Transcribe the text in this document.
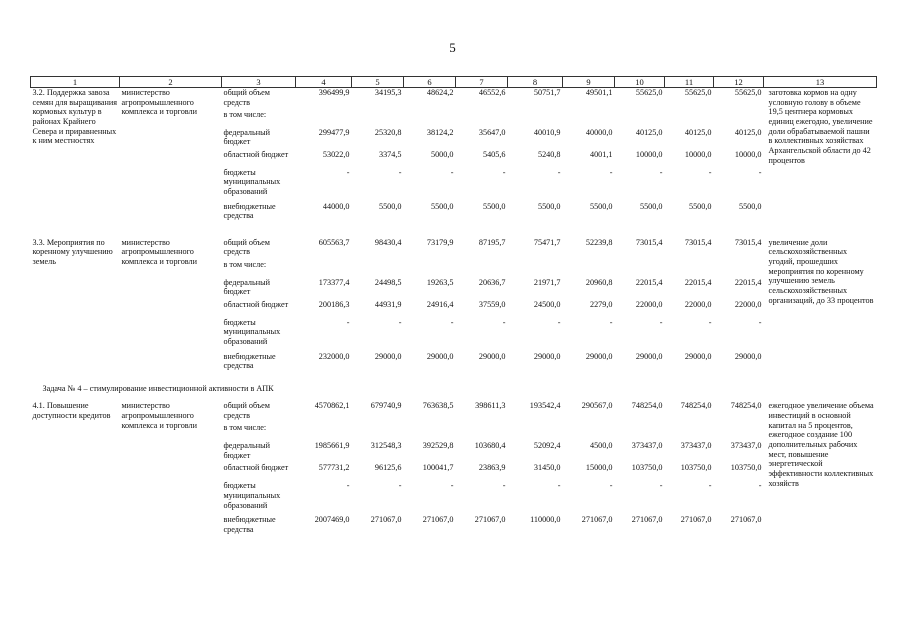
5
1	2	3	4	5	6	7	8	9	10	11	12	13
3.2. Поддержка завоза семян для выращивания кормовых культур в районах Крайнего Севера и приравненных к ним местностях	министерство агропромышленного комплекса и торговли	общий объем средств	396499,9	34195,3	48624,2	46552,6	50751,7	49501,1	55625,0	55625,0	55625,0	заготовка кормов на одну условную голову в объеме 19,5 центнера кормовых единиц ежегодно, увеличение доли обрабатываемой пашни в коллективных хозяйствах Архангельской области до 42 процентов
		в том числе:										
		федеральный бюджет	299477,9	25320,8	38124,2	35647,0	40010,9	40000,0	40125,0	40125,0	40125,0	
		областной бюджет	53022,0	3374,5	5000,0	5405,6	5240,8	4001,1	10000,0	10000,0	10000,0	
		бюджеты муниципальных образований	-	-	-	-	-	-	-	-	-	
		внебюджетные средства	44000,0	5500,0	5500,0	5500,0	5500,0	5500,0	5500,0	5500,0	5500,0	

3.3. Мероприятия по коренному улучшению земель	министерство агропромышленного комплекса и торговли	общий объем средств	605563,7	98430,4	73179,9	87195,7	75471,7	52239,8	73015,4	73015,4	73015,4	увеличение доли сельскохозяйственных угодий, прошедших мероприятия по коренному улучшению земель сельскохозяйственных организаций, до 33 процентов
		в том числе:										
		федеральный бюджет	173377,4	24498,5	19263,5	20636,7	21971,7	20960,8	22015,4	22015,4	22015,4	
		областной бюджет	200186,3	44931,9	24916,4	37559,0	24500,0	2279,0	22000,0	22000,0	22000,0	
		бюджеты муниципальных образований	-	-	-	-	-	-	-	-	-	
		внебюджетные средства	232000,0	29000,0	29000,0	29000,0	29000,0	29000,0	29000,0	29000,0	29000,0	
Задача № 4 – стимулирование инвестиционной активности в АПК												
4.1. Повышение доступности кредитов	министерство агропромышленного комплекса и торговли	общий объем средств	4570862,1	679740,9	763638,5	398611,3	193542,4	290567,0	748254,0	748254,0	748254,0	ежегодное увеличение объема инвестиций в основной капитал на 5 процентов, ежегодное создание 100 дополнительных рабочих мест, повышение энергетической эффективности коллективных хозяйств
		в том числе:										
		федеральный бюджет	1985661,9	312548,3	392529,8	103680,4	52092,4	4500,0	373437,0	373437,0	373437,0	
		областной бюджет	577731,2	96125,6	100041,7	23863,9	31450,0	15000,0	103750,0	103750,0	103750,0	
		бюджеты муниципальных образований	-	-	-	-	-	-	-	-	-	
		внебюджетные средства	2007469,0	271067,0	271067,0	271067,0	110000,0	271067,0	271067,0	271067,0	271067,0	
